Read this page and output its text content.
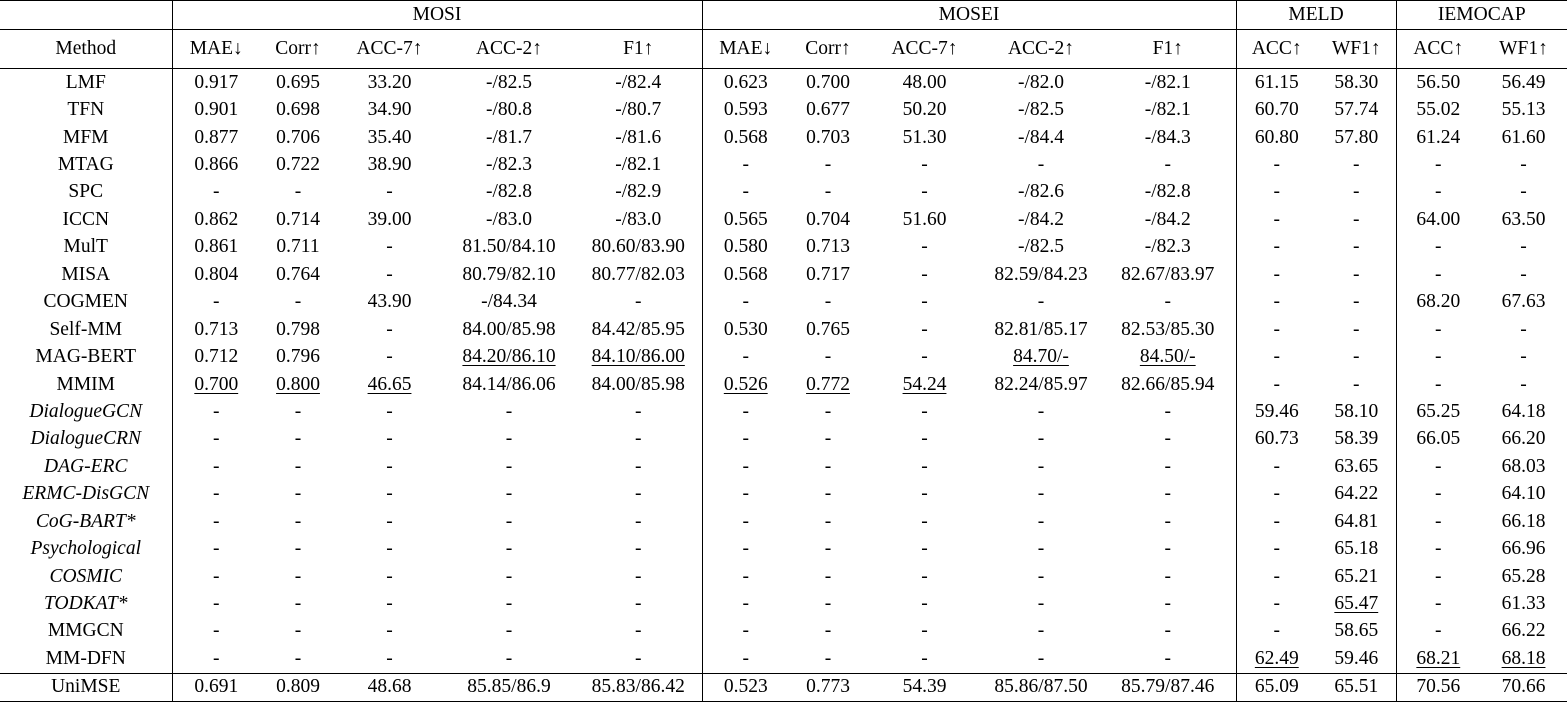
	MOSI					MOSEI					MELD		IEMOCAP	
Method	MAE↓	Corr↑	ACC-7↑	ACC-2↑	F1↑	MAE↓	Corr↑	ACC-7↑	ACC-2↑	F1↑	ACC↑	WF1↑	ACC↑	WF1↑
LMF	0.917	0.695	33.20	-/82.5	-/82.4	0.623	0.700	48.00	-/82.0	-/82.1	61.15	58.30	56.50	56.49
TFN	0.901	0.698	34.90	-/80.8	-/80.7	0.593	0.677	50.20	-/82.5	-/82.1	60.70	57.74	55.02	55.13
MFM	0.877	0.706	35.40	-/81.7	-/81.6	0.568	0.703	51.30	-/84.4	-/84.3	60.80	57.80	61.24	61.60
MTAG	0.866	0.722	38.90	-/82.3	-/82.1	-	-	-	-	-	-	-	-	-
SPC	-	-	-	-/82.8	-/82.9	-	-	-	-/82.6	-/82.8	-	-	-	-
ICCN	0.862	0.714	39.00	-/83.0	-/83.0	0.565	0.704	51.60	-/84.2	-/84.2	-	-	64.00	63.50
MulT	0.861	0.711	-	81.50/84.10	80.60/83.90	0.580	0.713	-	-/82.5	-/82.3	-	-	-	-
MISA	0.804	0.764	-	80.79/82.10	80.77/82.03	0.568	0.717	-	82.59/84.23	82.67/83.97	-	-	-	-
COGMEN	-	-	43.90	-/84.34	-	-	-	-	-	-	-	-	68.20	67.63
Self-MM	0.713	0.798	-	84.00/85.98	84.42/85.95	0.530	0.765	-	82.81/85.17	82.53/85.30	-	-	-	-
MAG-BERT	0.712	0.796	-	84.20/86.10	84.10/86.00	-	-	-	84.70/-	84.50/-	-	-	-	-
MMIM	0.700	0.800	46.65	84.14/86.06	84.00/85.98	0.526	0.772	54.24	82.24/85.97	82.66/85.94	-	-	-	-
DialogueGCN	-	-	-	-	-	-	-	-	-	-	59.46	58.10	65.25	64.18
DialogueCRN	-	-	-	-	-	-	-	-	-	-	60.73	58.39	66.05	66.20
DAG-ERC	-	-	-	-	-	-	-	-	-	-	-	63.65	-	68.03
ERMC-DisGCN	-	-	-	-	-	-	-	-	-	-	-	64.22	-	64.10
CoG-BART*	-	-	-	-	-	-	-	-	-	-	-	64.81	-	66.18
Psychological	-	-	-	-	-	-	-	-	-	-	-	65.18	-	66.96
COSMIC	-	-	-	-	-	-	-	-	-	-	-	65.21	-	65.28
TODKAT*	-	-	-	-	-	-	-	-	-	-	-	65.47	-	61.33
MMGCN	-	-	-	-	-	-	-	-	-	-	-	58.65	-	66.22
MM-DFN	-	-	-	-	-	-	-	-	-	-	62.49	59.46	68.21	68.18
UniMSE	0.691	0.809	48.68	85.85/86.9	85.83/86.42	0.523	0.773	54.39	85.86/87.50	85.79/87.46	65.09	65.51	70.56	70.66
